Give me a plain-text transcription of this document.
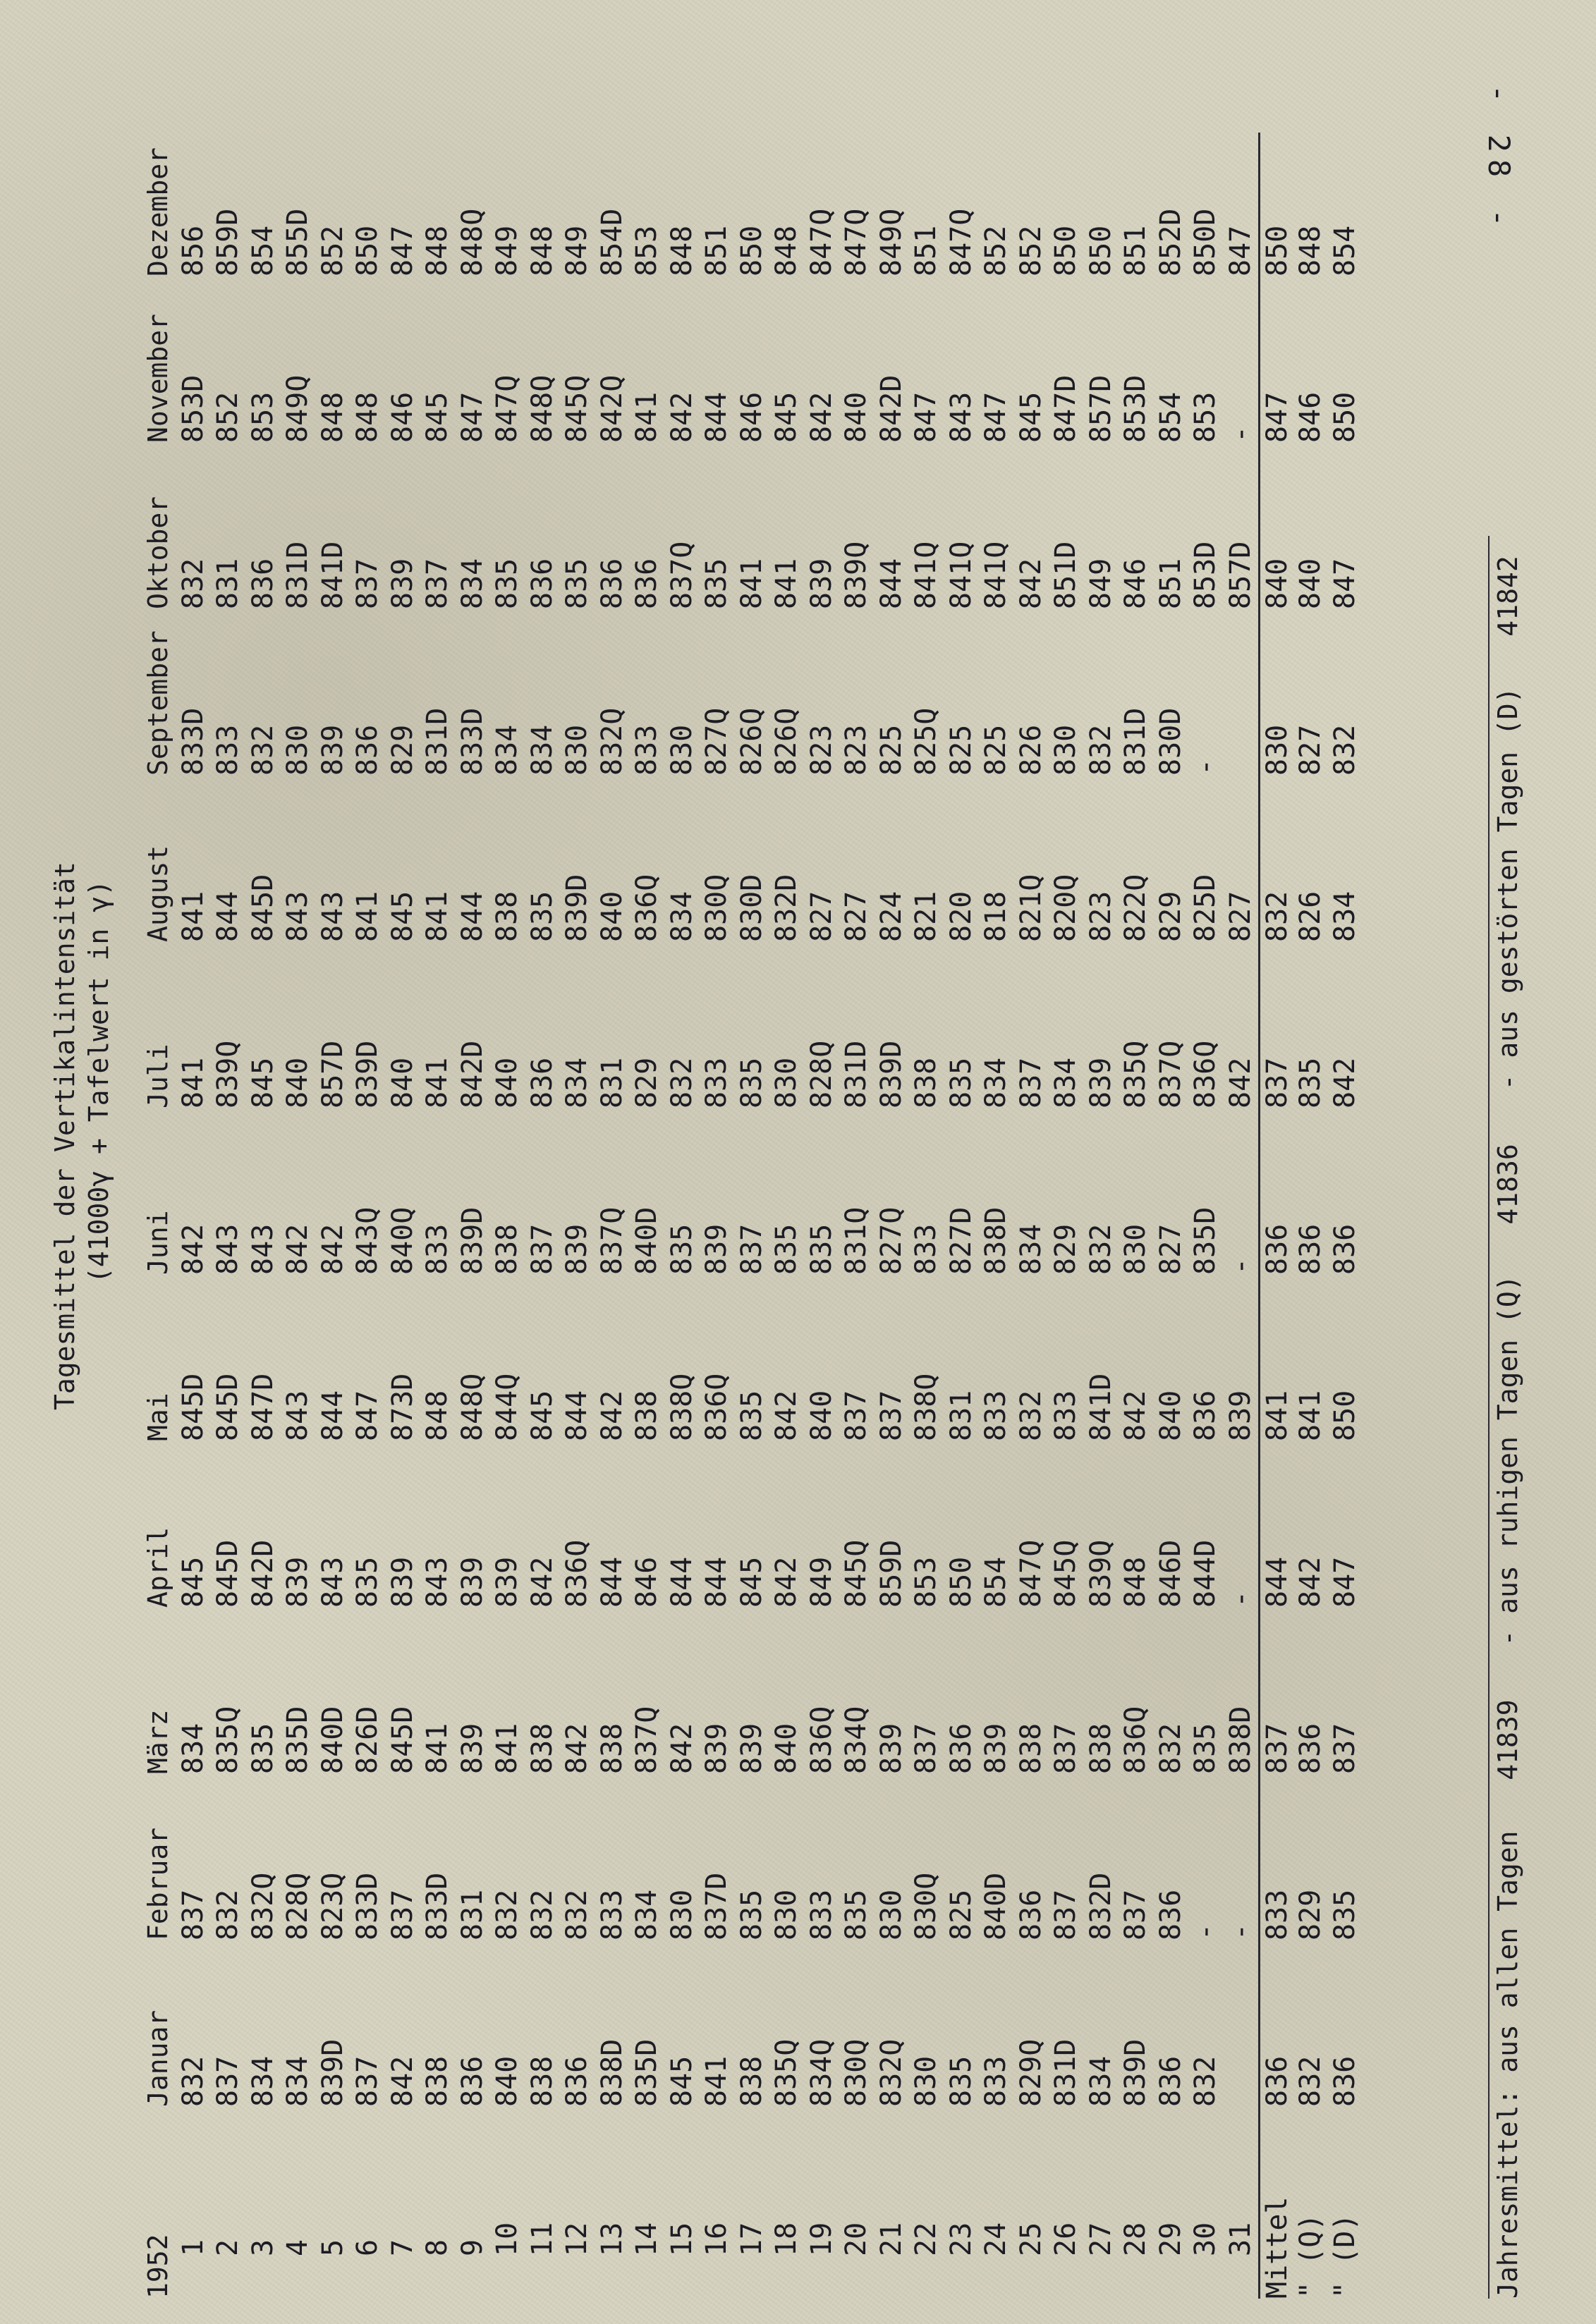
- 28 -
Tagesmittel der Vertikalintensität (41000γ + Tafelwert in γ)
1952
Januar
Februar
März
April
Mai
Juni
Juli
August
September
Oktober
November
Dezember
1
832
837
834
845
845D
842
841
841
833D
832
853D
856
2
837
832
835Q
845D
845D
843
839Q
844
833
831
852
859D
3
834
832Q
835
842D
847D
843
845
845D
832
836
853
854
4
834
828Q
835D
839
843
842
840
843
830
831D
849Q
855D
5
839D
823Q
840D
843
844
842
857D
843
839
841D
848
852
6
837
833D
826D
835
847
843Q
839D
841
836
837
848
850
7
842
837
845D
839
873D
840Q
840
845
829
839
846
847
8
838
833D
841
843
848
833
841
841
831D
837
845
848
9
836
831
839
839
848Q
839D
842D
844
833D
834
847
848Q
10
840
832
841
839
844Q
838
840
838
834
835
847Q
849
11
838
832
838
842
845
837
836
835
834
836
848Q
848
12
836
832
842
836Q
844
839
834
839D
830
835
845Q
849
13
838D
833
838
844
842
837Q
831
840
832Q
836
842Q
854D
14
835D
834
837Q
846
838
840D
829
836Q
833
836
841
853
15
845
830
842
844
838Q
835
832
834
830
837Q
842
848
16
841
837D
839
844
836Q
839
833
830Q
827Q
835
844
851
17
838
835
839
845
835
837
835
830D
826Q
841
846
850
18
835Q
830
840
842
842
835
830
832D
826Q
841
845
848
19
834Q
833
836Q
849
840
835
828Q
827
823
839
842
847Q
20
830Q
835
834Q
845Q
837
831Q
831D
827
823
839Q
840
847Q
21
832Q
830
839
859D
837
827Q
839D
824
825
844
842D
849Q
22
830
830Q
837
853
838Q
833
838
821
825Q
841Q
847
851
23
835
825
836
850
831
827D
835
820
825
841Q
843
847Q
24
833
840D
839
854
833
838D
834
818
825
841Q
847
852
25
829Q
836
838
847Q
832
834
837
821Q
826
842
845
852
26
831D
837
837
845Q
833
829
834
820Q
830
851D
847D
850
27
834
832D
838
839Q
841D
832
839
823
832
849
857D
850
28
839D
837
836Q
848
842
830
835Q
822Q
831D
846
853D
851
29
836
836
832
846D
840
827
837Q
829
830D
851
854
852D
30
832
-
835
844D
836
835D
836Q
825D
-
853D
853
850D
31
-
838D
-
839
-
842
827
857D
-
847
Mittel
836
833
837
844
841
836
837
832
830
840
847
850
" (Q)
832
829
836
842
841
836
835
826
827
840
846
848
" (D)
836
835
837
847
850
836
842
834
832
847
850
854
Jahresmittel: aus allen Tagen  41839  - aus ruhigen Tagen (Q)  41836  - aus gestörten Tagen (D)  41842
